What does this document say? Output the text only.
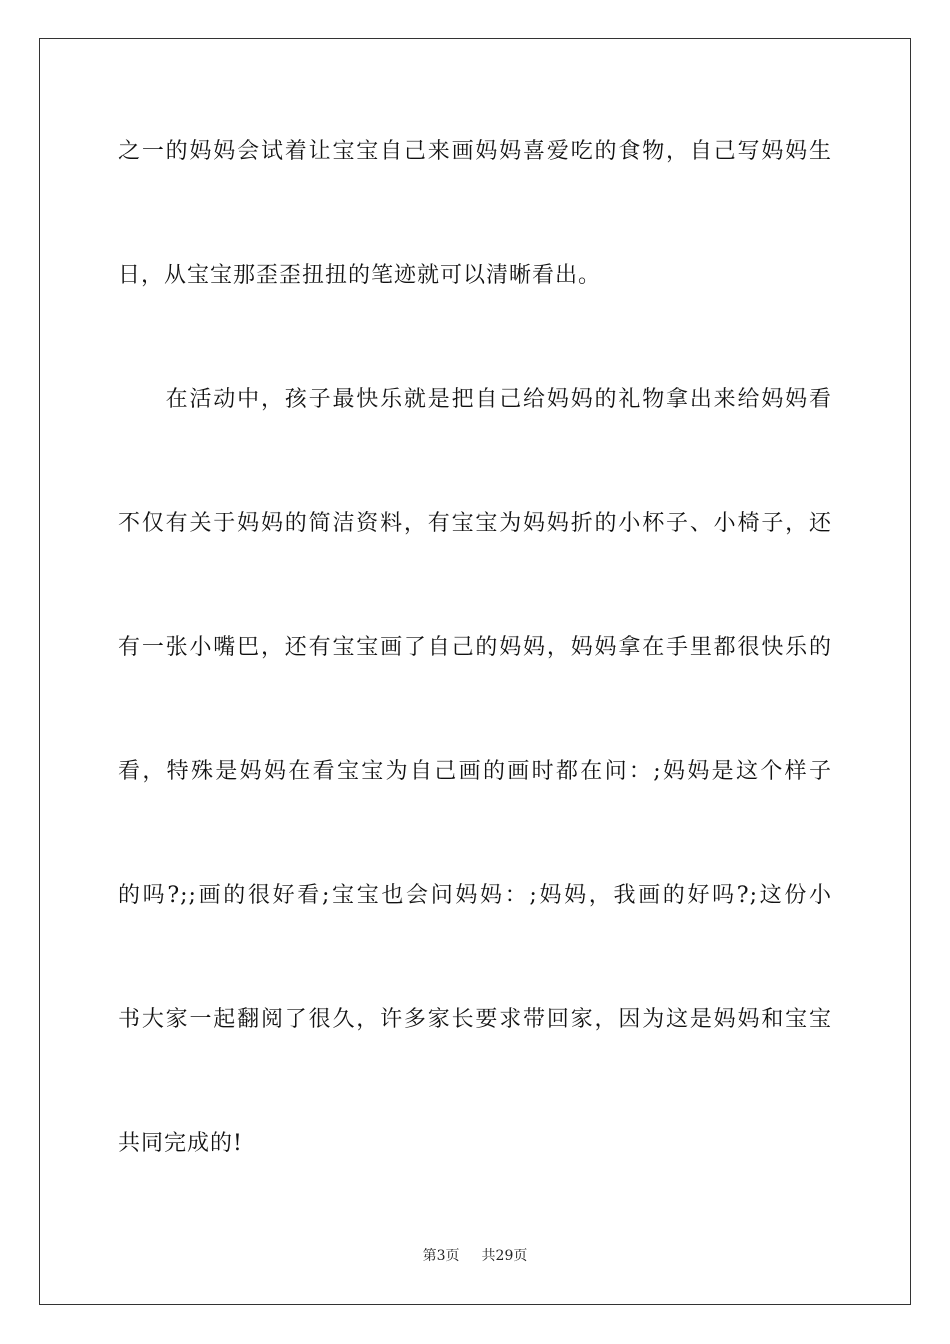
之一的妈妈会试着让宝宝自己来画妈妈喜爱吃的食物，自己写妈妈生
日，从宝宝那歪歪扭扭的笔迹就可以清晰看出。
　　在活动中，孩子最快乐就是把自己给妈妈的礼物拿出来给妈妈看
不仅有关于妈妈的简洁资料，有宝宝为妈妈折的小杯子、小椅子，还
有一张小嘴巴，还有宝宝画了自己的妈妈，妈妈拿在手里都很快乐的
看，特殊是妈妈在看宝宝为自己画的画时都在问：;妈妈是这个样子
的吗?;;画的很好看;宝宝也会问妈妈：;妈妈，我画的好吗?;这份小
书大家一起翻阅了很久，许多家长要求带回家，因为这是妈妈和宝宝
共同完成的!
第3页 共29页
